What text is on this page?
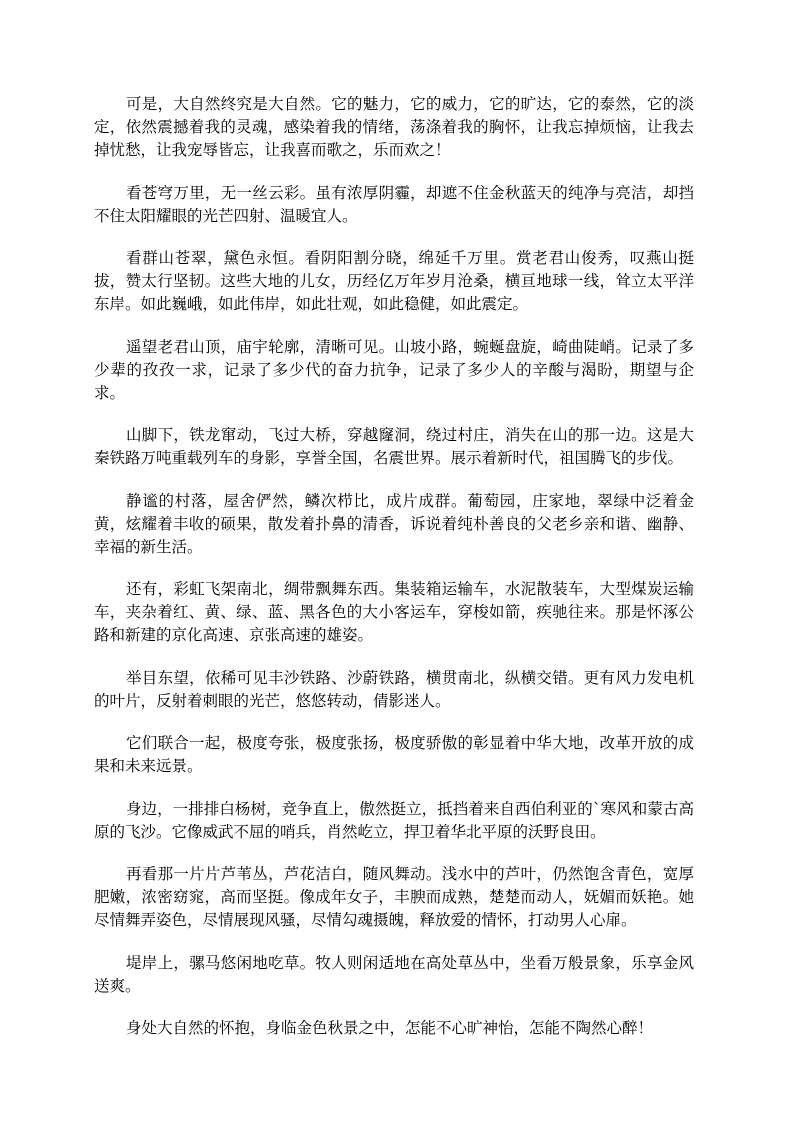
可是，大自然终究是大自然。它的魅力，它的威力，它的旷达，它的泰然，它的淡定，依然震撼着我的灵魂，感染着我的情绪，荡涤着我的胸怀，让我忘掉烦恼，让我去掉忧愁，让我宠辱皆忘，让我喜而歌之，乐而欢之！

看苍穹万里，无一丝云彩。虽有浓厚阴霾，却遮不住金秋蓝天的纯净与亮洁，却挡不住太阳耀眼的光芒四射、温暖宜人。

看群山苍翠，黛色永恒。看阴阳割分晓，绵延千万里。赏老君山俊秀，叹燕山挺拔，赞太行坚韧。这些大地的儿女，历经亿万年岁月沧桑，横亘地球一线，耸立太平洋东岸。如此巍峨，如此伟岸，如此壮观，如此稳健，如此震定。

遥望老君山顶，庙宇轮廓，清晰可见。山坡小路，蜿蜒盘旋，崎曲陡峭。记录了多少辈的孜孜一求，记录了多少代的奋力抗争，记录了多少人的辛酸与渴盼，期望与企求。

山脚下，铁龙窜动，飞过大桥，穿越窿洞，绕过村庄，消失在山的那一边。这是大秦铁路万吨重载列车的身影，享誉全国，名震世界。展示着新时代，祖国腾飞的步伐。

静谧的村落，屋舍俨然，鳞次栉比，成片成群。葡萄园，庄家地，翠绿中泛着金黄，炫耀着丰收的硕果，散发着扑鼻的清香，诉说着纯朴善良的父老乡亲和谐、幽静、幸福的新生活。

还有，彩虹飞架南北，绸带飘舞东西。集装箱运输车，水泥散装车，大型煤炭运输车，夹杂着红、黄、绿、蓝、黑各色的大小客运车，穿梭如箭，疾驰往来。那是怀涿公路和新建的京化高速、京张高速的雄姿。

举目东望，依稀可见丰沙铁路、沙蔚铁路，横贯南北，纵横交错。更有风力发电机的叶片，反射着刺眼的光芒，悠悠转动，倩影迷人。

它们联合一起，极度夸张，极度张扬，极度骄傲的彰显着中华大地，改革开放的成果和未来远景。

身边，一排排白杨树，竞争直上，傲然挺立，抵挡着来自西伯利亚的`寒风和蒙古高原的飞沙。它像威武不屈的哨兵，肖然屹立，捍卫着华北平原的沃野良田。

再看那一片片芦苇丛，芦花洁白，随风舞动。浅水中的芦叶，仍然饱含青色，宽厚肥嫩，浓密窈窕，高而坚挺。像成年女子，丰腴而成熟，楚楚而动人，妩媚而妖艳。她尽情舞弄姿色，尽情展现风骚，尽情勾魂摄魄，释放爱的情怀，打动男人心扉。

堤岸上，骡马悠闲地吃草。牧人则闲适地在高处草丛中，坐看万般景象，乐享金风送爽。

身处大自然的怀抱，身临金色秋景之中，怎能不心旷神怡，怎能不陶然心醉！
